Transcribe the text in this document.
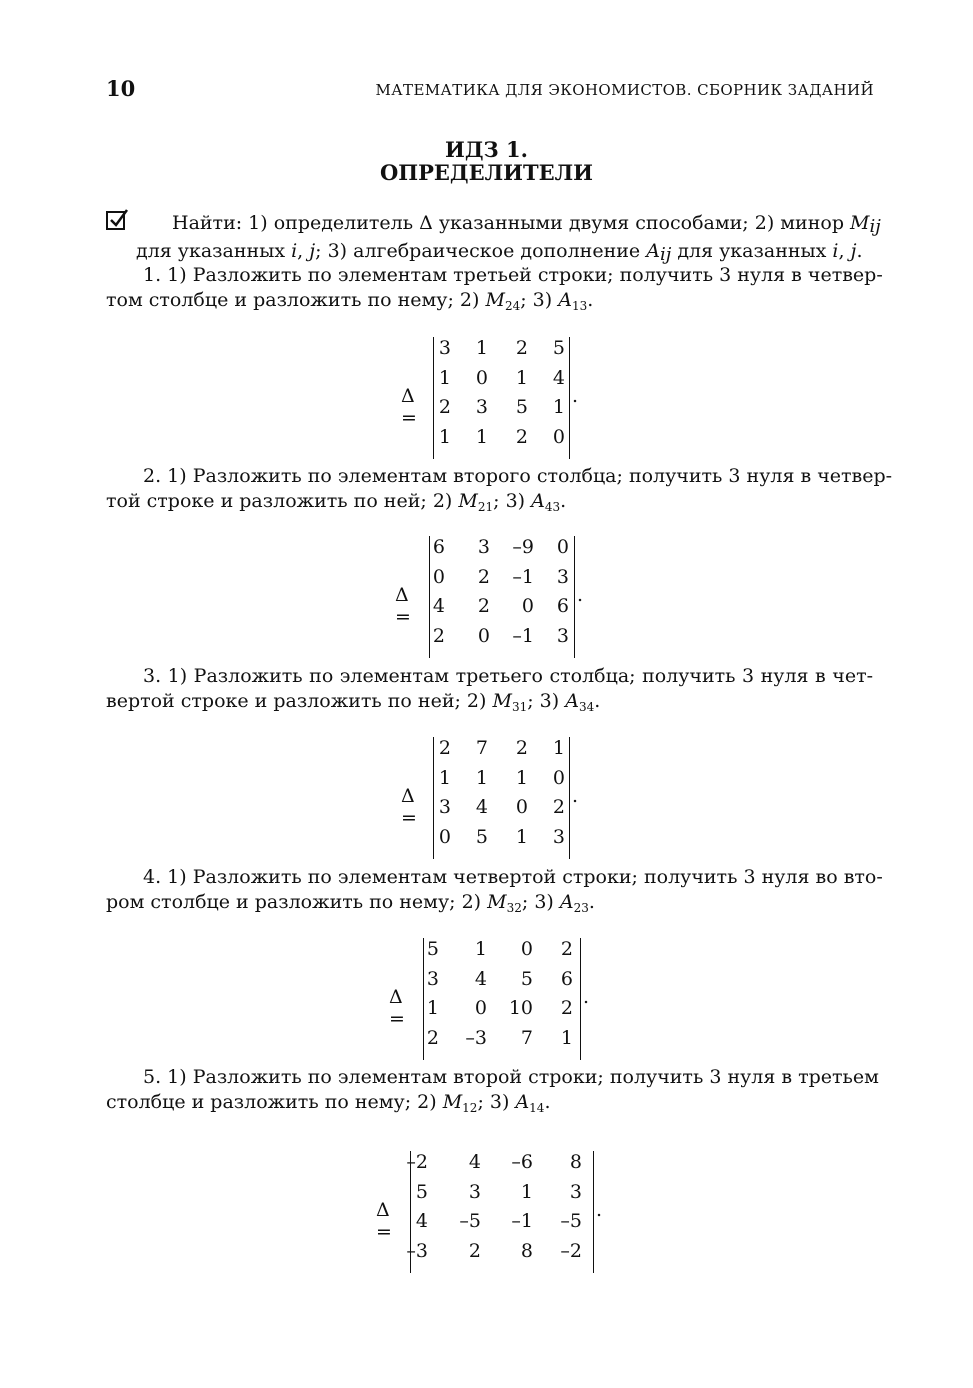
10	МАТЕМАТИКА ДЛЯ ЭКОНОМИСТОВ. СБОРНИК ЗАДАНИЙ
ИДЗ 1.
ОПРЕДЕЛИТЕЛИ
Найти: 1) определитель Δ указанными двумя способами; 2) минор Mij
для указанных i, j; 3) алгебраическое дополнение Aij для указанных i, j.
1. 1) Разложить по элементам третьей строки; получить 3 нуля в четвер-
том столбце и разложить по нему; 2) $M_{24}$; 3) $A_{13}$.
Δ =
3	1	2	5
1	0	1	4
2	3	5	1
1	1	2	0
.
2. 1) Разложить по элементам второго столбца; получить 3 нуля в четвер-
той строке и разложить по ней; 2) $M_{21}$; 3) $A_{43}$.
Δ =
6	3	–9	0
0	2	–1	3
4	2	0	6
2	0	–1	3
.
3. 1) Разложить по элементам третьего столбца; получить 3 нуля в чет-
вертой строке и разложить по ней; 2) $M_{31}$; 3) $A_{34}$.
Δ =
2	7	2	1
1	1	1	0
3	4	0	2
0	5	1	3
.
4. 1) Разложить по элементам четвертой строки; получить 3 нуля во вто-
ром столбце и разложить по нему; 2) $M_{32}$; 3) $A_{23}$.
Δ =
5	1	0	2
3	4	5	6
1	0	10	2
2	–3	7	1
.
5. 1) Разложить по элементам второй строки; получить 3 нуля в третьем
столбце и разложить по нему; 2) $M_{12}$; 3) $A_{14}$.
Δ =
–2	4	–6	8
5	3	1	3
4	–5	–1	–5
–3	2	8	–2
.
